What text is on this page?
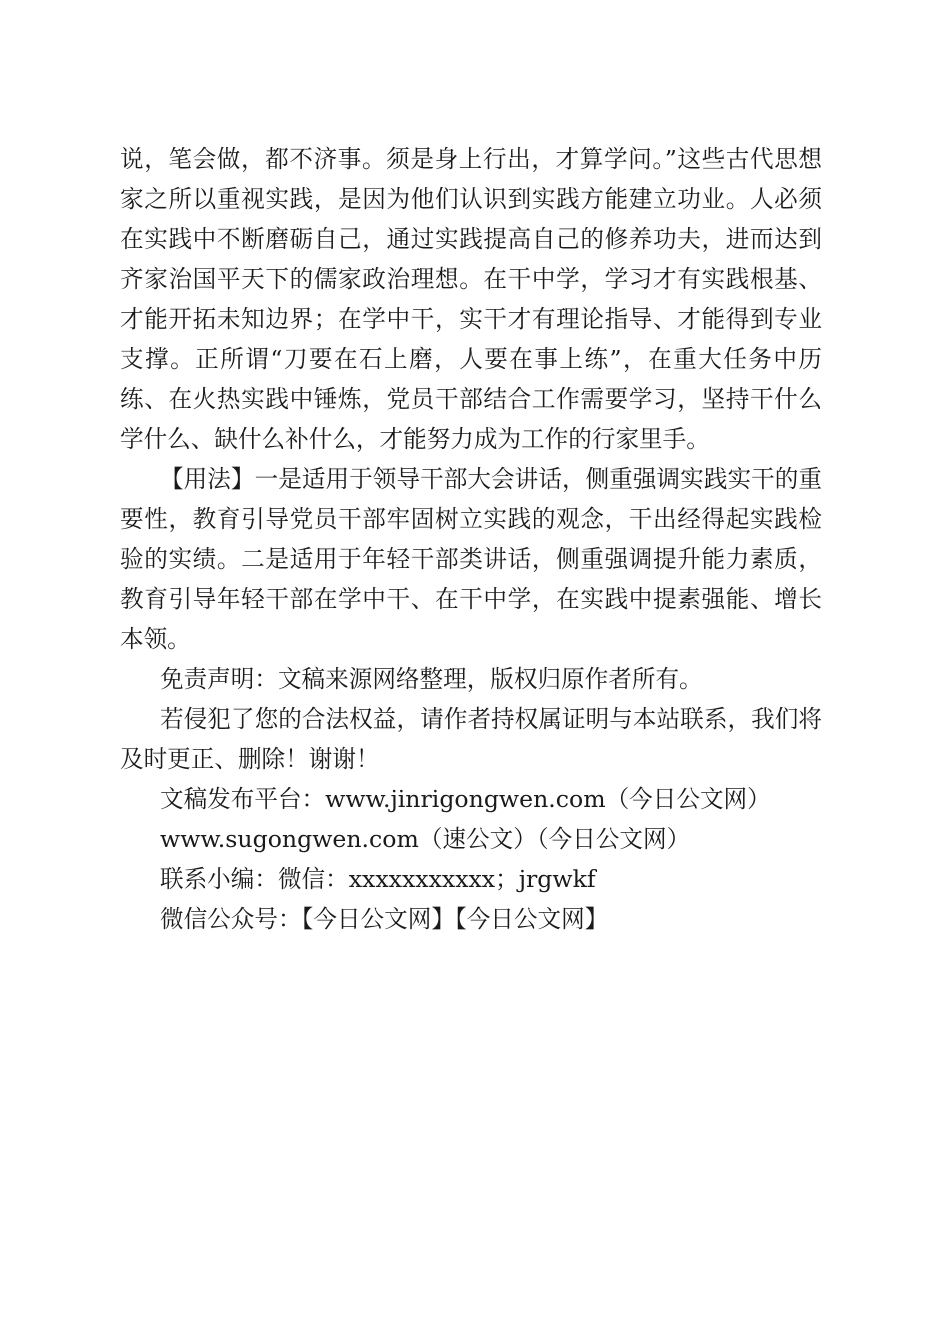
说，笔会做，都不济事。须是身上行出，才算学问。”这些古代思想家之所以重视实践，是因为他们认识到实践方能建立功业。人必须在实践中不断磨砺自己，通过实践提高自己的修养功夫，进而达到齐家治国平天下的儒家政治理想。在干中学，学习才有实践根基、才能开拓未知边界；在学中干，实干才有理论指导、才能得到专业支撑。正所谓“刀要在石上磨，人要在事上练”，在重大任务中历练、在火热实践中锤炼，党员干部结合工作需要学习，坚持干什么学什么、缺什么补什么，才能努力成为工作的行家里手。

【用法】一是适用于领导干部大会讲话，侧重强调实践实干的重要性，教育引导党员干部牢固树立实践的观念，干出经得起实践检验的实绩。二是适用于年轻干部类讲话，侧重强调提升能力素质，教育引导年轻干部在学中干、在干中学，在实践中提素强能、增长本领。

免责声明：文稿来源网络整理，版权归原作者所有。

若侵犯了您的合法权益，请作者持权属证明与本站联系，我们将及时更正、删除！谢谢！

文稿发布平台：www.jinrigongwen.com（今日公文网）
www.sugongwen.com（速公文）（今日公文网）
联系小编：微信：xxxxxxxxxxx；jrgwkf
微信公众号：【今日公文网】【今日公文网】
